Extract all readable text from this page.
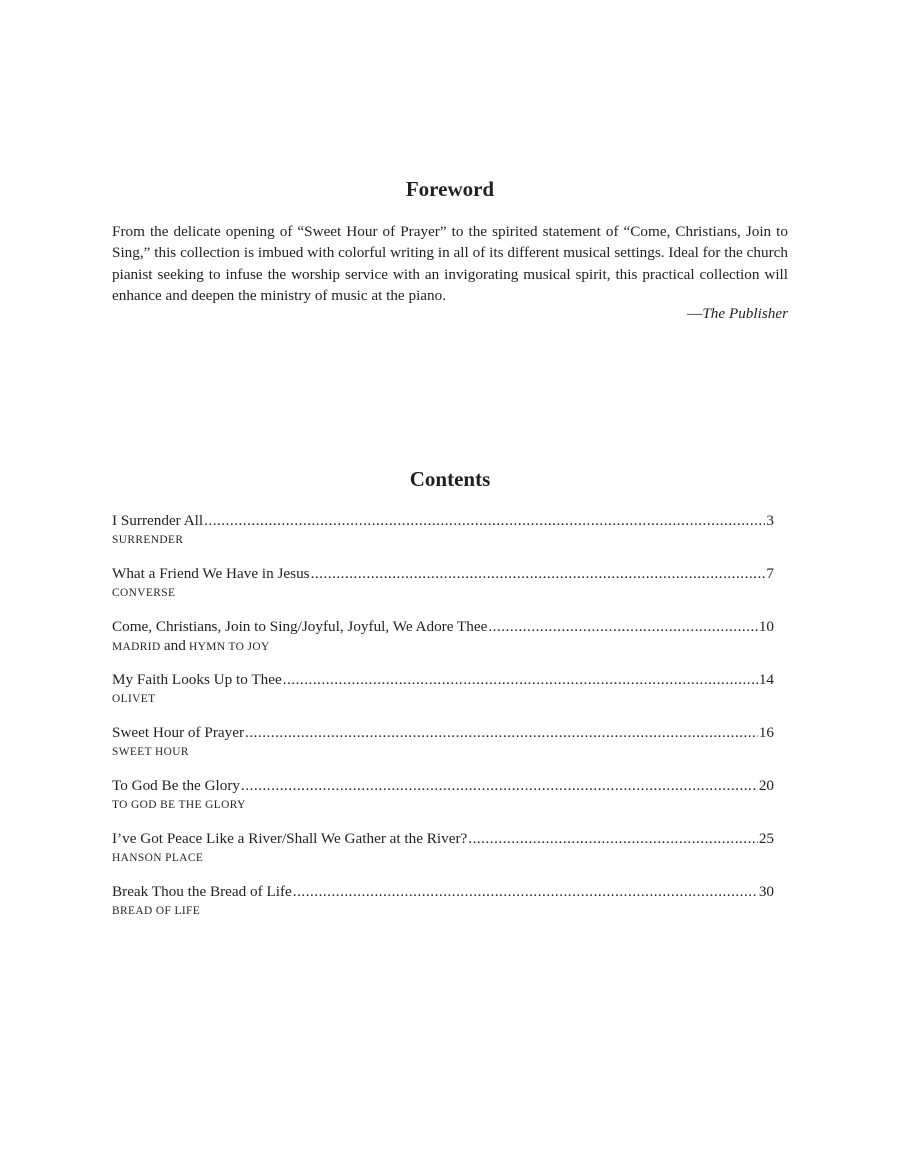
Foreword

From the delicate opening of “Sweet Hour of Prayer” to the spirited statement of “Come, Christians, Join to Sing,” this collection is imbued with colorful writing in all of its different musical settings. Ideal for the church pianist seeking to infuse the worship service with an invigorating musical spirit, this practical collection will enhance and deepen the ministry of music at the piano.

—The Publisher
Contents
I Surrender All .....	3
SURRENDER
What a Friend We Have in Jesus .....	7
CONVERSE
Come, Christians, Join to Sing/Joyful, Joyful, We Adore Thee .....	10
MADRID and HYMN TO JOY
My Faith Looks Up to Thee .....	14
OLIVET
Sweet Hour of Prayer .....	16
SWEET HOUR
To God Be the Glory .....	20
TO GOD BE THE GLORY
I’ve Got Peace Like a River/Shall We Gather at the River? .....	25
HANSON PLACE
Break Thou the Bread of Life .....	30
BREAD OF LIFE
